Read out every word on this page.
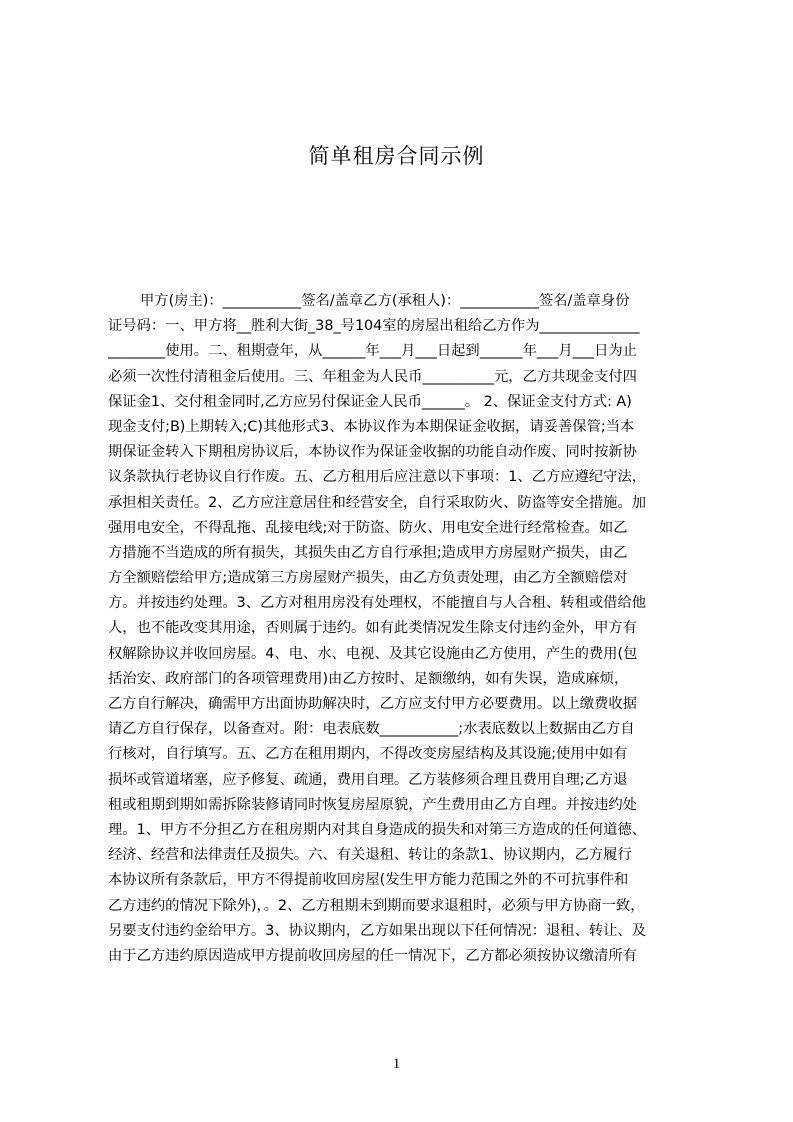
简单租房合同示例
甲方(房主)：___________签名/盖章乙方(承租人)：___________签名/盖章身份
证号码：一、甲方将__胜利大街_38_号104室的房屋出租给乙方作为______________
________使用。二、租期壹年，从______年___月___日起到______年___月___日为止
必须一次性付清租金后使用。三、年租金为人民币__________元，乙方共现金支付四
保证金1、交付租金同时,乙方应另付保证金人民币______。 2、保证金支付方式: A)
现金支付;B)上期转入;C)其他形式3、本协议作为本期保证金收据，请妥善保管;当本
期保证金转入下期租房协议后，本协议作为保证金收据的功能自动作废、同时按新协
议条款执行老协议自行作废。五、乙方租用后应注意以下事项：1、乙方应遵纪守法，
承担相关责任。2、乙方应注意居住和经营安全，自行采取防火、防盗等安全措施。加
强用电安全，不得乱拖、乱接电线;对于防盗、防火、用电安全进行经常检查。如乙
方措施不当造成的所有损失，其损失由乙方自行承担;造成甲方房屋财产损失，由乙
方全额赔偿给甲方;造成第三方房屋财产损失，由乙方负责处理，由乙方全额赔偿对
方。并按违约处理。3、乙方对租用房没有处理权，不能擅自与人合租、转租或借给他
人，也不能改变其用途，否则属于违约。如有此类情况发生除支付违约金外，甲方有
权解除协议并收回房屋。4、电、水、电视、及其它设施由乙方使用，产生的费用(包
括治安、政府部门的各项管理费用)由乙方按时、足额缴纳，如有失误，造成麻烦，
乙方自行解决，确需甲方出面协助解决时，乙方应支付甲方必要费用。以上缴费收据
请乙方自行保存，以备查对。附：电表底数___________;水表底数以上数据由乙方自
行核对，自行填写。五、乙方在租用期内，不得改变房屋结构及其设施;使用中如有
损坏或管道堵塞，应予修复、疏通，费用自理。乙方装修须合理且费用自理;乙方退
租或租期到期如需拆除装修请同时恢复房屋原貌，产生费用由乙方自理。并按违约处
理。1、甲方不分担乙方在租房期内对其自身造成的损失和对第三方造成的任何道德、
经济、经营和法律责任及损失。六、有关退租、转让的条款1、协议期内，乙方履行
本协议所有条款后，甲方不得提前收回房屋(发生甲方能力范围之外的不可抗事件和
乙方违约的情况下除外)，。2、乙方租期未到期而要求退租时，必须与甲方协商一致，
另要支付违约金给甲方。3、协议期内，乙方如果出现以下任何情况：退租、转让、及
由于乙方违约原因造成甲方提前收回房屋的任一情况下，乙方都必须按协议缴清所有
1
